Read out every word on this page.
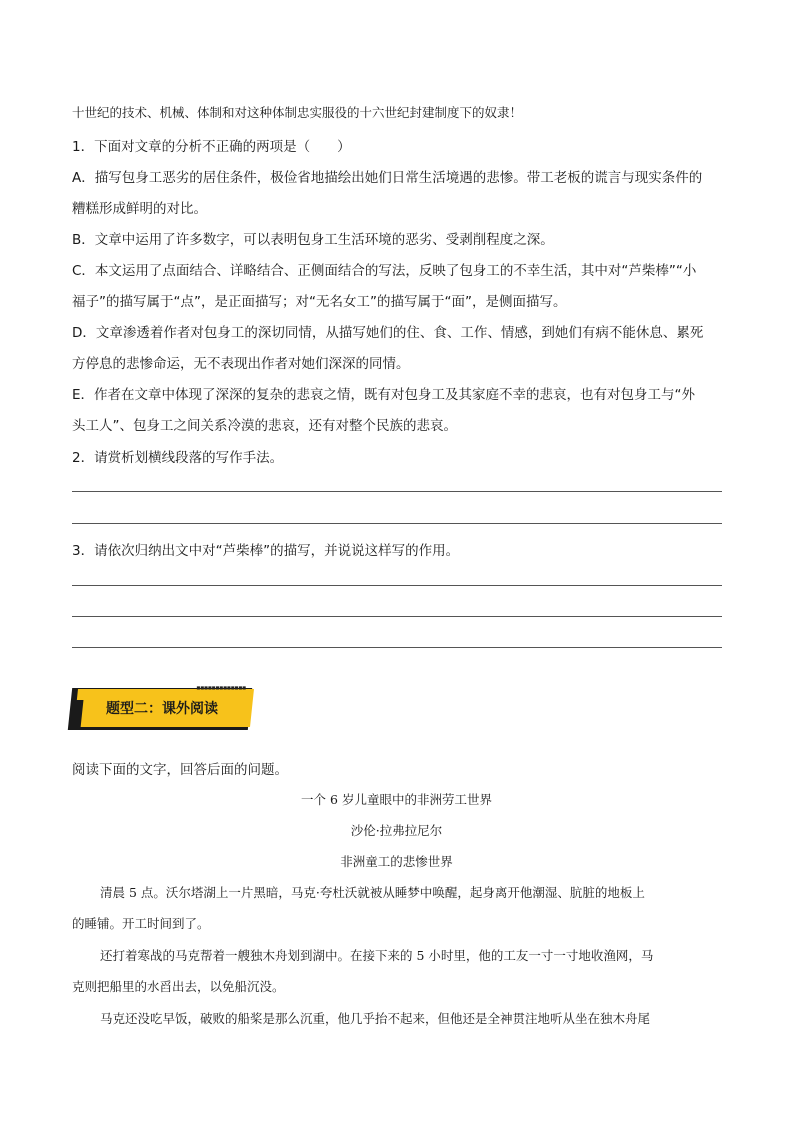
十世纪的技术、机械、体制和对这种体制忠实服役的十六世纪封建制度下的奴隶！
1．下面对文章的分析不正确的两项是（　　）
A．描写包身工恶劣的居住条件，极俭省地描绘出她们日常生活境遇的悲惨。带工老板的谎言与现实条件的
糟糕形成鲜明的对比。
B．文章中运用了许多数字，可以表明包身工生活环境的恶劣、受剥削程度之深。
C．本文运用了点面结合、详略结合、正侧面结合的写法，反映了包身工的不幸生活，其中对“芦柴棒”“小
福子”的描写属于“点”，是正面描写；对“无名女工”的描写属于“面”，是侧面描写。
D．文章渗透着作者对包身工的深切同情，从描写她们的住、食、工作、情感，到她们有病不能休息、累死
方停息的悲惨命运，无不表现出作者对她们深深的同情。
E．作者在文章中体现了深深的复杂的悲哀之情，既有对包身工及其家庭不幸的悲哀，也有对包身工与“外
头工人”、包身工之间关系冷漠的悲哀，还有对整个民族的悲哀。
2．请赏析划横线段落的写作手法。
3．请依次归纳出文中对“芦柴棒”的描写，并说说这样写的作用。
题型二：课外阅读
▪▪▪▪▪▪▪▪▪▪▪▪▪
阅读下面的文字，回答后面的问题。
一个 6 岁儿童眼中的非洲劳工世界
沙伦·拉弗拉尼尔
非洲童工的悲惨世界
清晨 5 点。沃尔塔湖上一片黑暗，马克·夸杜沃就被从睡梦中唤醒，起身离开他潮湿、肮脏的地板上
的睡铺。开工时间到了。
还打着寒战的马克帮着一艘独木舟划到湖中。在接下来的 5 小时里，他的工友一寸一寸地收渔网，马
克则把船里的水舀出去，以免船沉没。
马克还没吃早饭，破败的船桨是那么沉重，他几乎抬不起来，但他还是全神贯注地听从坐在独木舟尾
